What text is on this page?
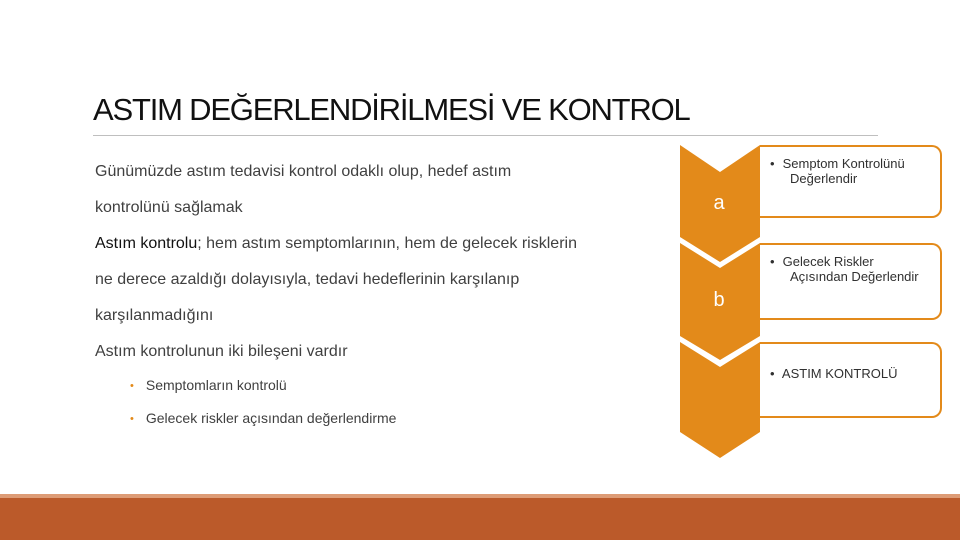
ASTIM DEĞERLENDİRİLMESİ VE KONTROL
Günümüzde astım tedavisi kontrol odaklı olup, hedef astım
kontrolünü sağlamak
Astım kontrolu; hem astım semptomlarının, hem de gelecek risklerin
ne derece azaldığı dolayısıyla, tedavi hedeflerinin karşılanıp
karşılanmadığını
Astım kontrolunun iki bileşeni vardır
• Semptomların kontrolü
• Gelecek riskler açısından değerlendirme
a
b
• Semptom Kontrolünü
Değerlendir
• Gelecek Riskler
Açısından Değerlendir
• ASTIM KONTROLÜ
